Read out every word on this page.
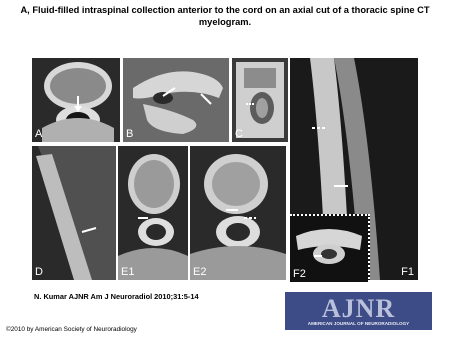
A, Fluid-filled intraspinal collection anterior to the cord on an axial cut of a thoracic spine CT myelogram.
A	B	C
F1
D	E1	E2	F2
N. Kumar AJNR Am J Neuroradiol 2010;31:5-14	AJNR
AMERICAN JOURNAL OF NEURORADIOLOGY
©2010 by American Society of Neuroradiology
